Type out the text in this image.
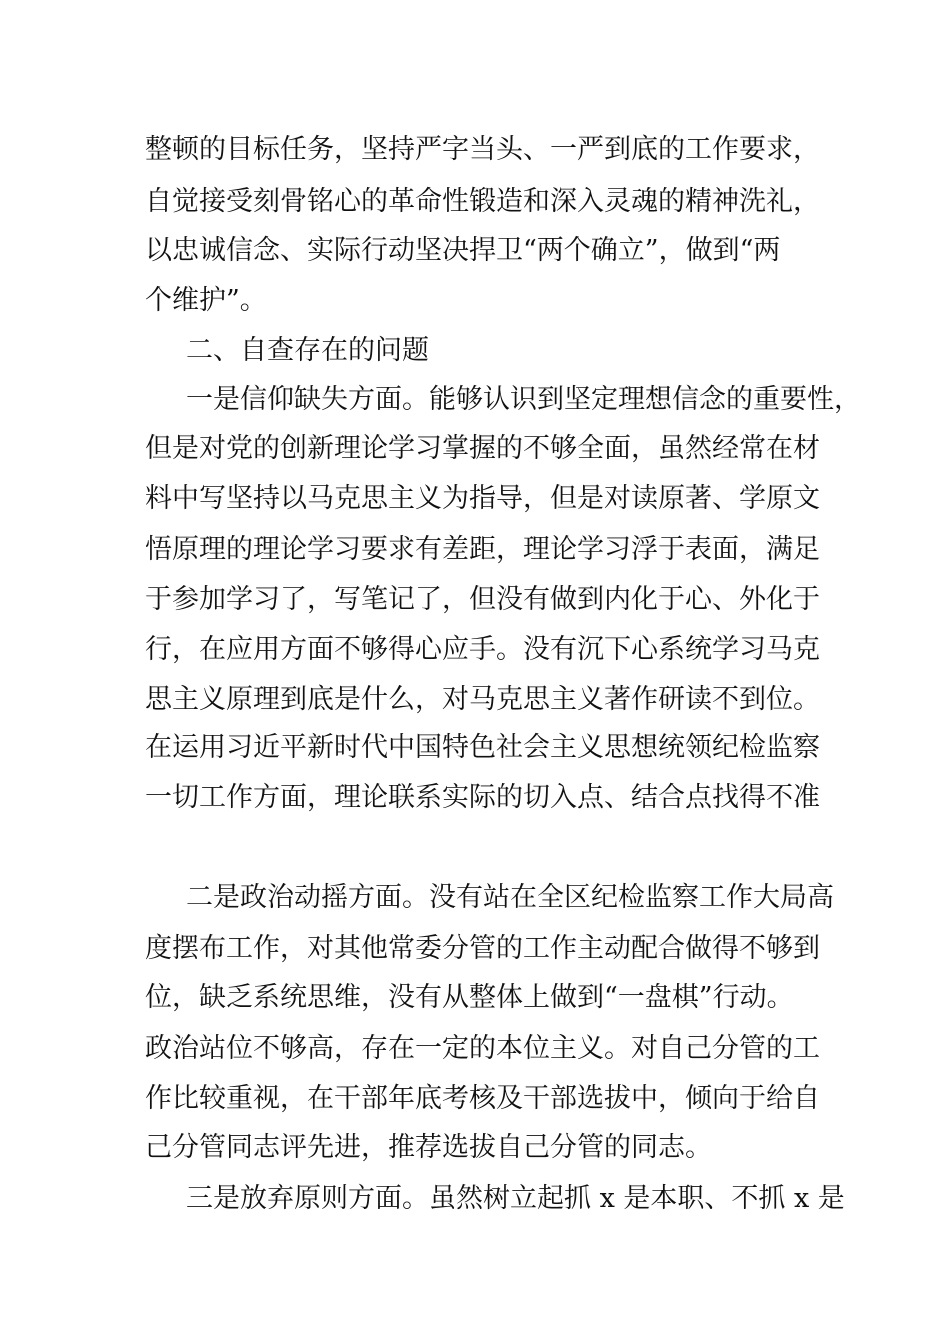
整顿的目标任务，坚持严字当头、一严到底的工作要求，
自觉接受刻骨铭心的革命性锻造和深入灵魂的精神洗礼，
以忠诚信念、实际行动坚决捍卫“两个确立”，做到“两
个维护”。
二、自查存在的问题
一是信仰缺失方面。能够认识到坚定理想信念的重要性，
但是对党的创新理论学习掌握的不够全面，虽然经常在材
料中写坚持以马克思主义为指导，但是对读原著、学原文
悟原理的理论学习要求有差距，理论学习浮于表面，满足
于参加学习了，写笔记了，但没有做到内化于心、外化于
行，在应用方面不够得心应手。没有沉下心系统学习马克
思主义原理到底是什么，对马克思主义著作研读不到位。
在运用习近平新时代中国特色社会主义思想统领纪检监察
一切工作方面，理论联系实际的切入点、结合点找得不准
二是政治动摇方面。没有站在全区纪检监察工作大局高
度摆布工作，对其他常委分管的工作主动配合做得不够到
位，缺乏系统思维，没有从整体上做到“一盘棋”行动。
政治站位不够高，存在一定的本位主义。对自己分管的工
作比较重视，在干部年底考核及干部选拔中，倾向于给自
己分管同志评先进，推荐选拔自己分管的同志。
三是放弃原则方面。虽然树立起抓 x 是本职、不抓 x 是
